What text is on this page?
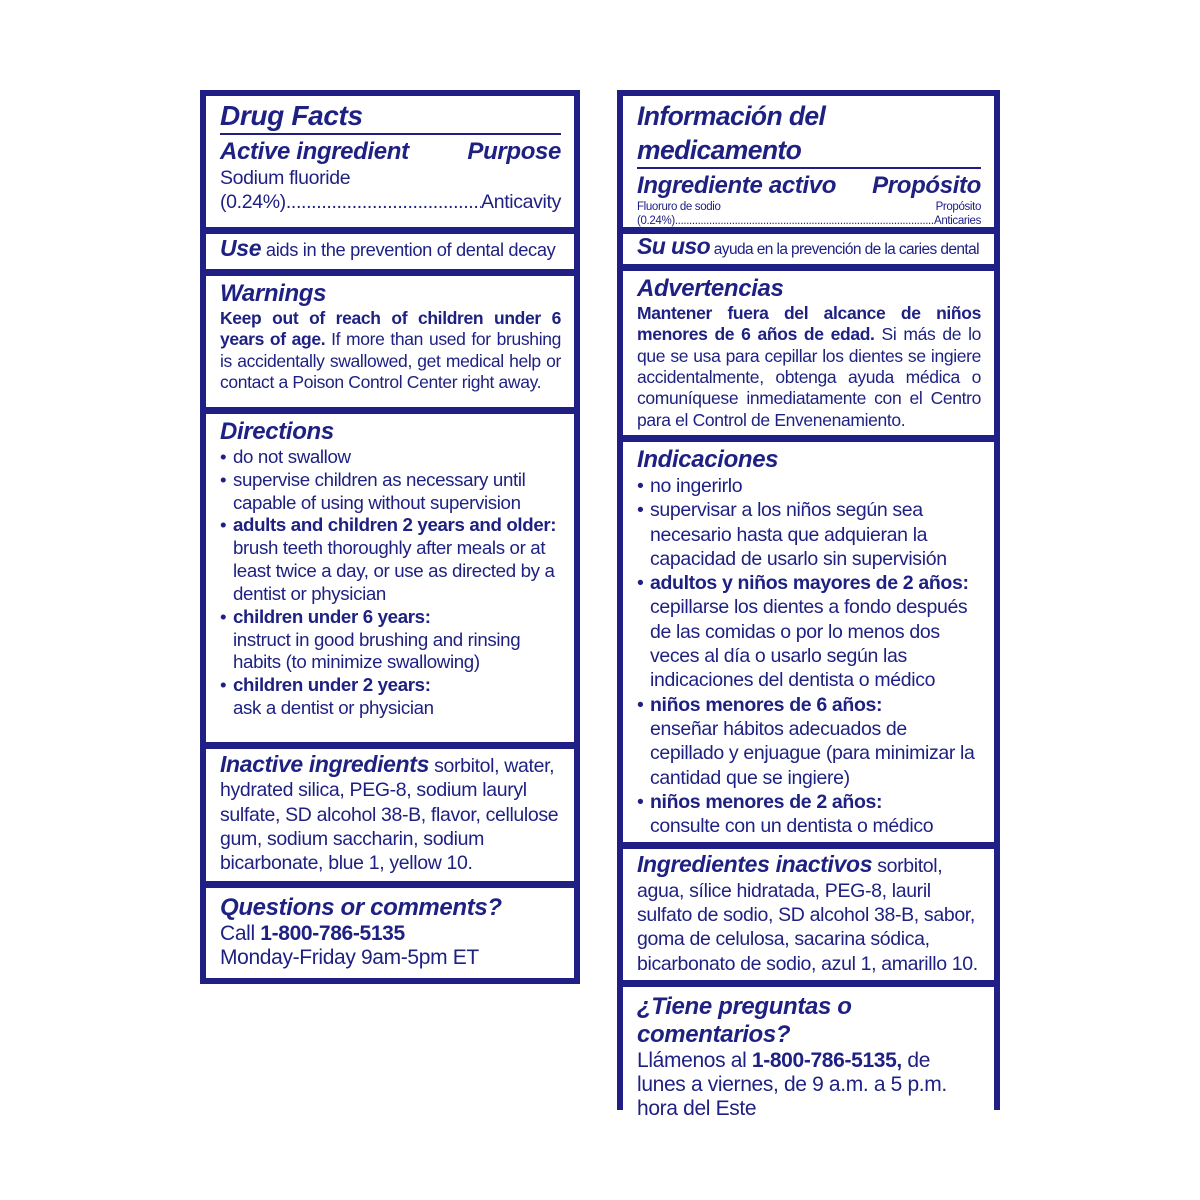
Drug Facts
Active ingredient Purpose
Sodium fluoride
(0.24%) .....	Anticavity
Use aids in the prevention of dental decay
Warnings
Keep out of reach of children under 6 years of age. If more than used for brushing is accidentally swallowed, get medical help or contact a Poison Control Center right away.
Directions
• do not swallow
• supervise children as necessary until capable of using without supervision
• adults and children 2 years and older:
brush teeth thoroughly after meals or at least twice a day, or use as directed by a dentist or physician
• children under 6 years:
instruct in good brushing and rinsing habits (to minimize swallowing)
• children under 2 years:
ask a dentist or physician
Inactive ingredients sorbitol, water, hydrated silica, PEG-8, sodium lauryl sulfate, SD alcohol 38-B, flavor, cellulose gum, sodium saccharin, sodium bicarbonate, blue 1, yellow 10.
Questions or comments?
Call 1-800-786-5135
Monday-Friday 9am-5pm ET
Información del medicamento
Ingrediente activo Propósito
Fluoruro de sodio	Propósito
(0.24%) .....	Anticaries
Su uso ayuda en la prevención de la caries dental
Advertencias
Mantener fuera del alcance de niños menores de 6 años de edad. Si más de lo que se usa para cepillar los dientes se ingiere accidentalmente, obtenga ayuda médica o comuníquese inmediatamente con el Centro para el Control de Envenenamiento.
Indicaciones
• no ingerirlo
• supervisar a los niños según sea necesario hasta que adquieran la capacidad de usarlo sin supervisión
• adultos y niños mayores de 2 años:
cepillarse los dientes a fondo después de las comidas o por lo menos dos veces al día o usarlo según las indicaciones del dentista o médico
• niños menores de 6 años:
enseñar hábitos adecuados de cepillado y enjuague (para minimizar la cantidad que se ingiere)
• niños menores de 2 años:
consulte con un dentista o médico
Ingredientes inactivos sorbitol, agua, sílice hidratada, PEG-8, lauril sulfato de sodio, SD alcohol 38-B, sabor, goma de celulosa, sacarina sódica, bicarbonato de sodio, azul 1, amarillo 10.
¿Tiene preguntas o comentarios?
Llámenos al 1-800-786-5135, de lunes a viernes, de 9 a.m. a 5 p.m. hora del Este
